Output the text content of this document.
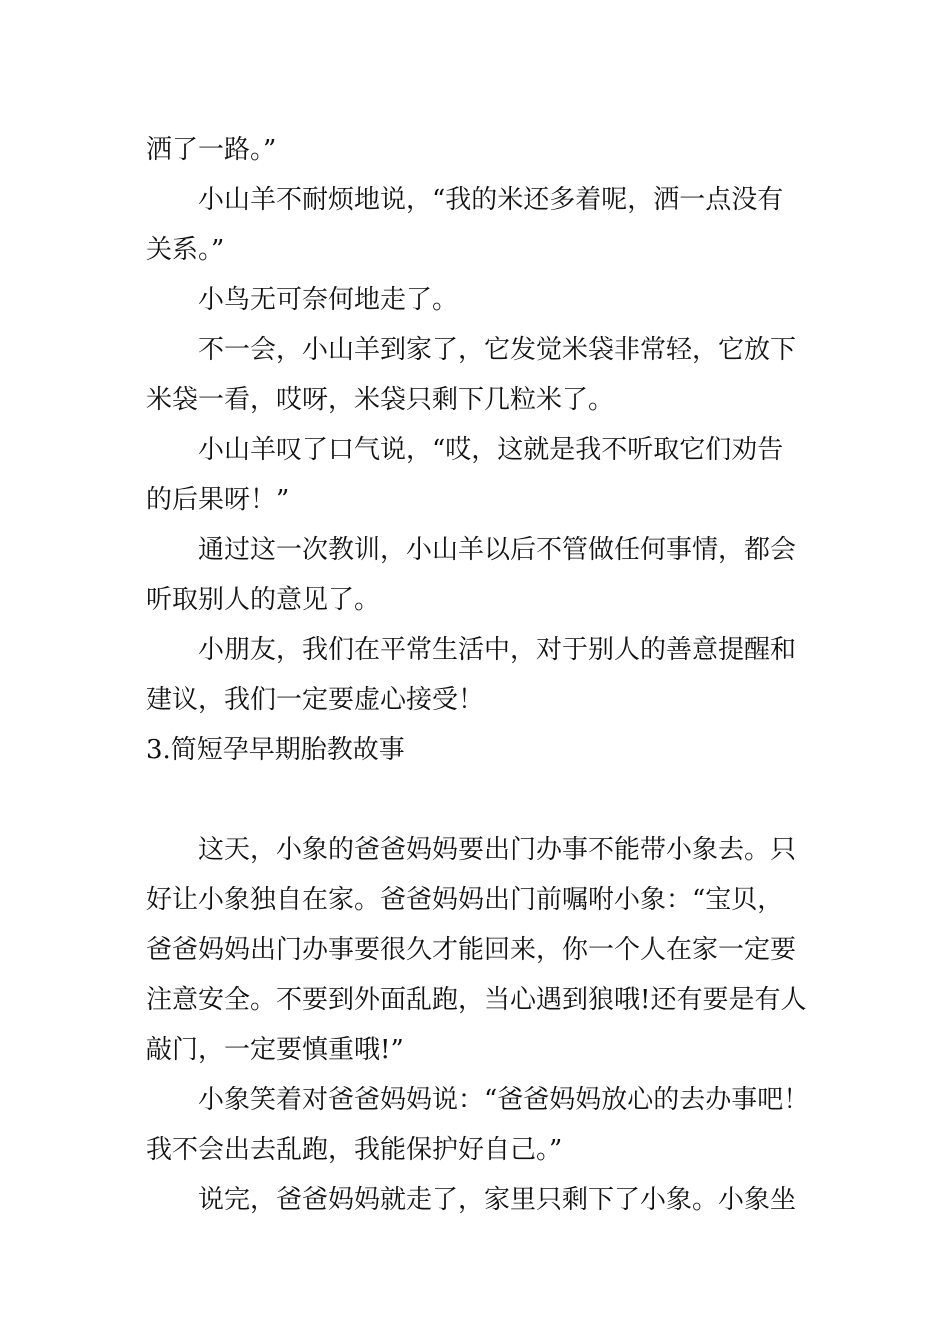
洒了一路。”
小山羊不耐烦地说，“我的米还多着呢，洒一点没有
关系。”
小鸟无可奈何地走了。
不一会，小山羊到家了，它发觉米袋非常轻，它放下
米袋一看，哎呀，米袋只剩下几粒米了。
小山羊叹了口气说，“哎，这就是我不听取它们劝告
的后果呀！”
通过这一次教训，小山羊以后不管做任何事情，都会
听取别人的意见了。
小朋友，我们在平常生活中，对于别人的善意提醒和
建议，我们一定要虚心接受！
3.简短孕早期胎教故事
这天，小象的爸爸妈妈要出门办事不能带小象去。只
好让小象独自在家。爸爸妈妈出门前嘱咐小象：“宝贝，
爸爸妈妈出门办事要很久才能回来，你一个人在家一定要
注意安全。不要到外面乱跑，当心遇到狼哦!还有要是有人
敲门，一定要慎重哦!”
小象笑着对爸爸妈妈说：“爸爸妈妈放心的去办事吧！
我不会出去乱跑，我能保护好自己。”
说完，爸爸妈妈就走了，家里只剩下了小象。小象坐
